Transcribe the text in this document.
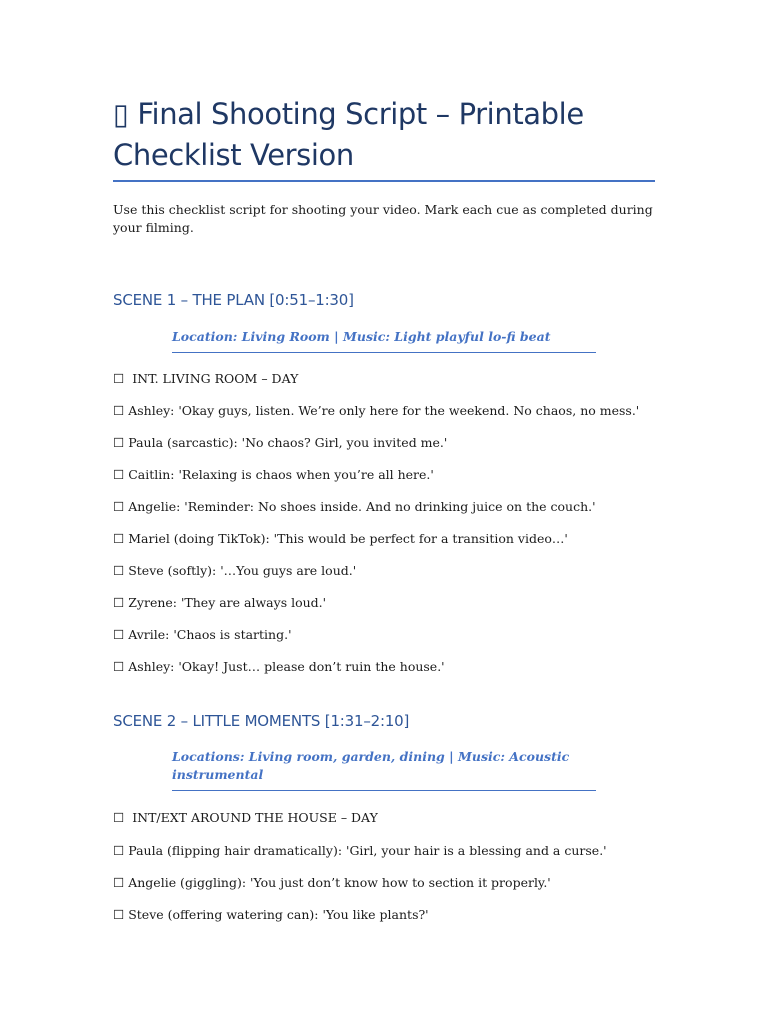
▯ Final Shooting Script – Printable Checklist Version
Use this checklist script for shooting your video. Mark each cue as completed during your filming.
SCENE 1 – THE PLAN [0:51–1:30]
Location: Living Room | Music: Light playful lo-fi beat
☐ INT. LIVING ROOM – DAY
☐ Ashley: 'Okay guys, listen. We’re only here for the weekend. No chaos, no mess.'
☐ Paula (sarcastic): 'No chaos? Girl, you invited me.'
☐ Caitlin: 'Relaxing is chaos when you’re all here.'
☐ Angelie: 'Reminder: No shoes inside. And no drinking juice on the couch.'
☐ Mariel (doing TikTok): 'This would be perfect for a transition video…'
☐ Steve (softly): '…You guys are loud.'
☐ Zyrene: 'They are always loud.'
☐ Avrile: 'Chaos is starting.'
☐ Ashley: 'Okay! Just… please don’t ruin the house.'
SCENE 2 – LITTLE MOMENTS [1:31–2:10]
Locations: Living room, garden, dining | Music: Acoustic instrumental
☐ INT/EXT AROUND THE HOUSE – DAY
☐ Paula (flipping hair dramatically): 'Girl, your hair is a blessing and a curse.'
☐ Angelie (giggling): 'You just don’t know how to section it properly.'
☐ Steve (offering watering can): 'You like plants?'
